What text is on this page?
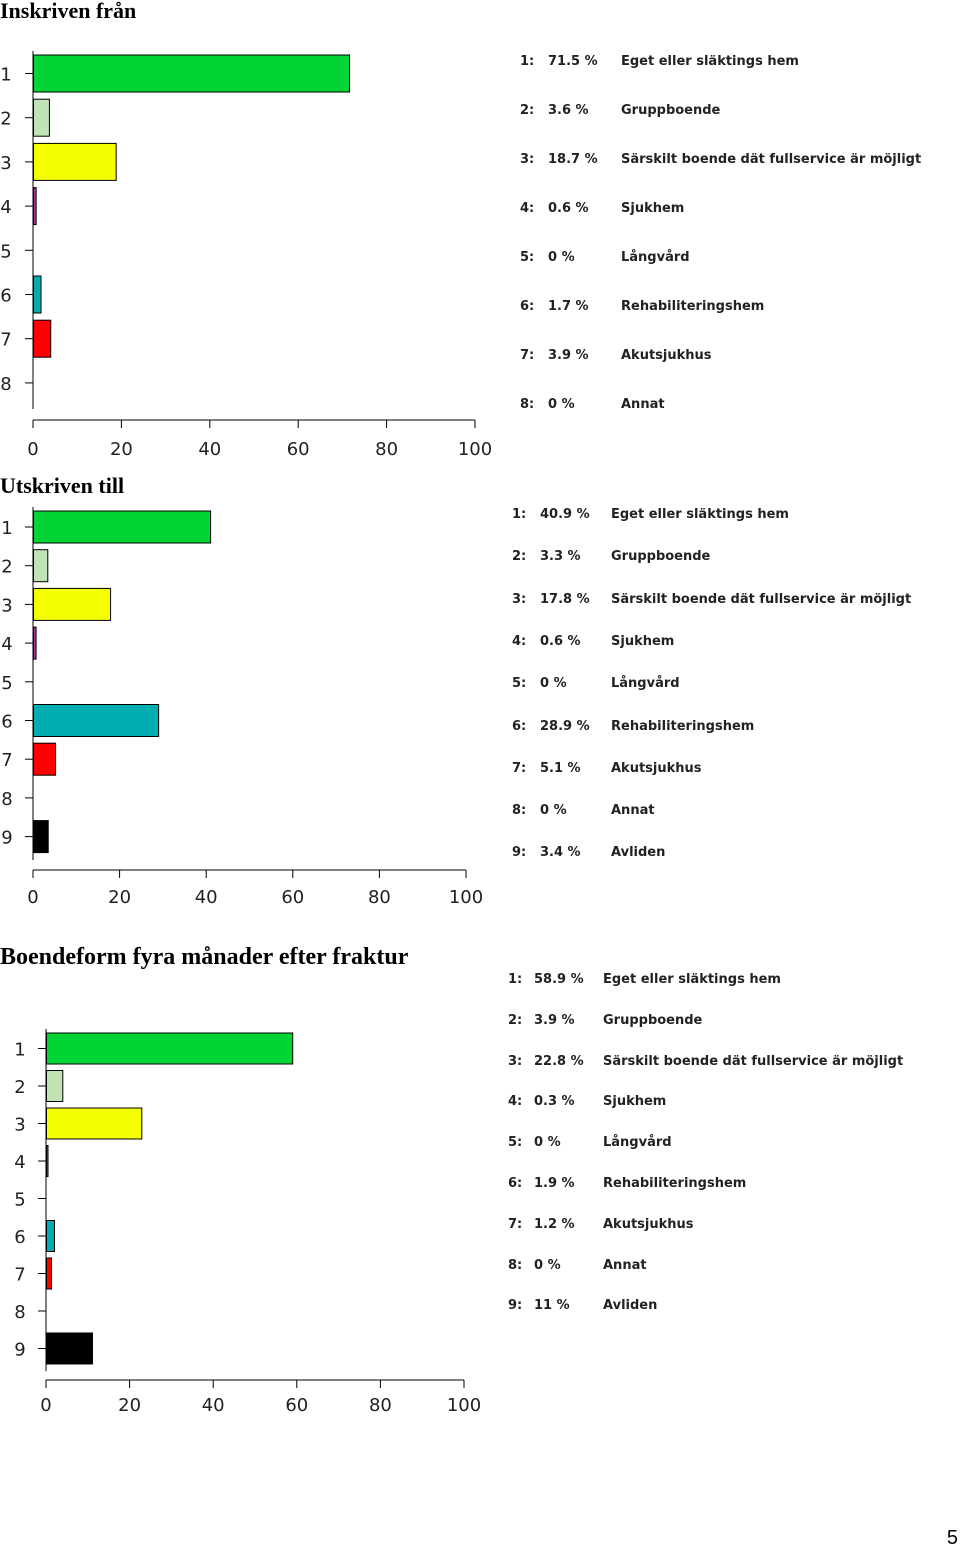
Inskriven från
1
2
3
4
5
6
7
8
0	20	40	60	80	100
1: 71.5 % Eget eller släktings hem
2: 3.6 % Gruppboende
3: 18.7 % Särskilt boende dät fullservice är möjligt
4: 0.6 % Sjukhem
5: 0 %	Långvård
6: 1.7 % Rehabiliteringshem
7: 3.9 % Akutsjukhus
8: 0 %	Annat
Utskriven till
1
2
3
4
5
6
7
8
9
0	20	40	60	80	100
1: 40.9 % Eget eller släktings hem
2: 3.3 % Gruppboende
3: 17.8 % Särskilt boende dät fullservice är möjligt
4: 0.6 % Sjukhem
5: 0 %	Långvård
6: 28.9 % Rehabiliteringshem
7: 5.1 % Akutsjukhus
8: 0 %	Annat
9: 3.4 % Avliden
Boendeform fyra månader efter fraktur
1
2
3
4
5
6
7
8
9
0	20	40	60	80	100
1: 58.9 % Eget eller släktings hem
2: 3.9 % Gruppboende
3: 22.8 % Särskilt boende dät fullservice är möjligt
4: 0.3 % Sjukhem
5: 0 %	Långvård
6: 1.9 % Rehabiliteringshem
7: 1.2 % Akutsjukhus
8: 0 %	Annat
9: 11 %	Avliden
5
